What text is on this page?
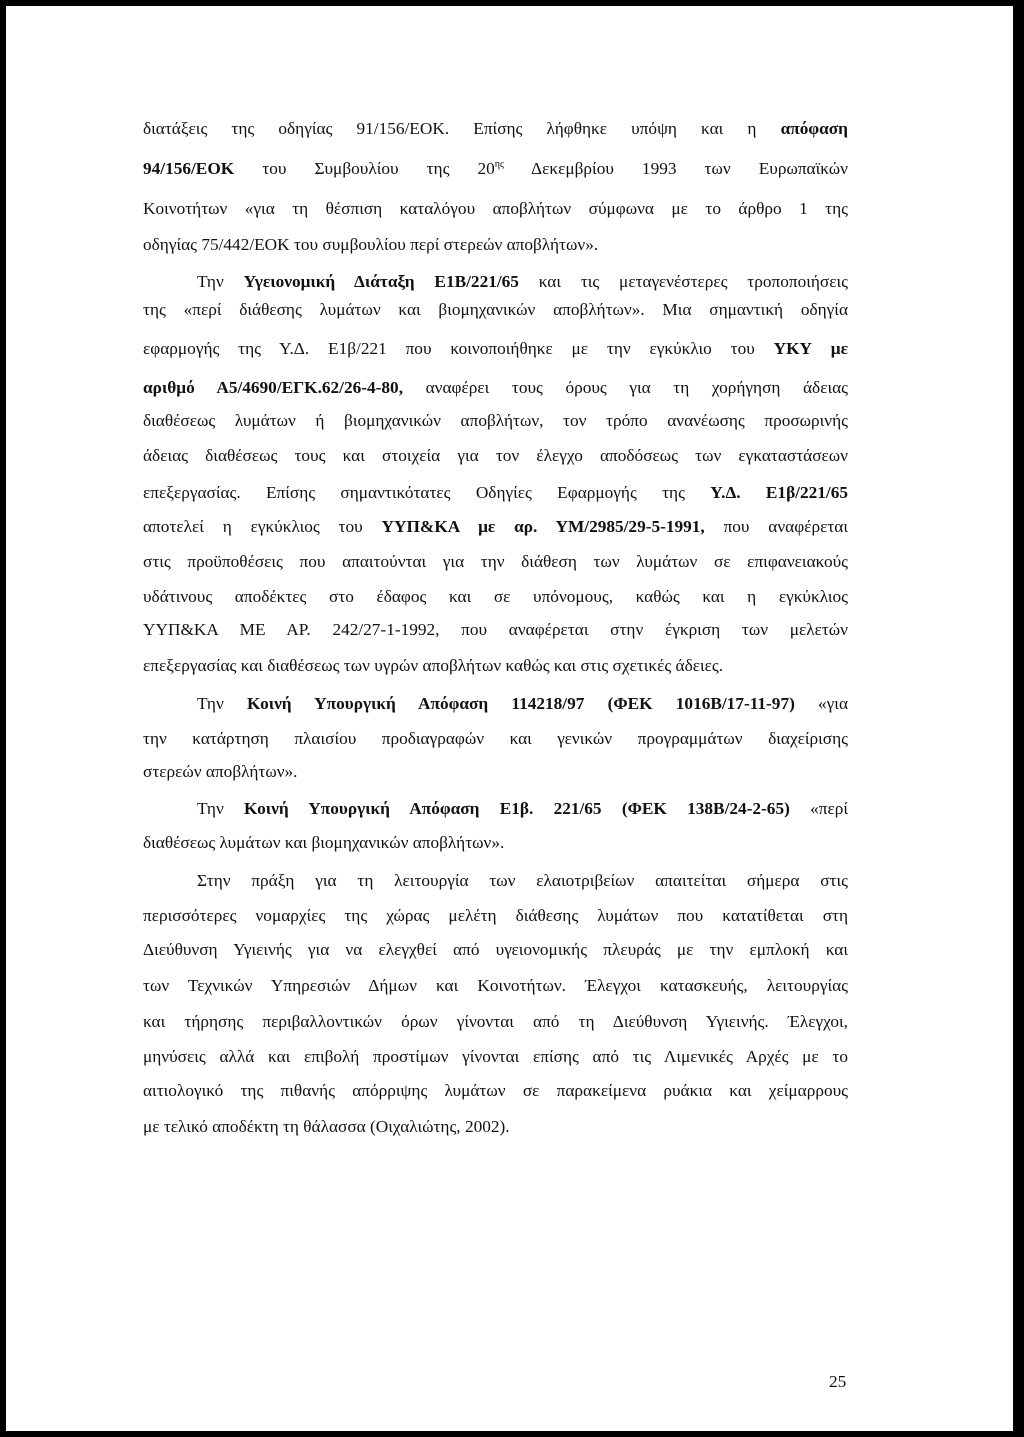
διατάξεις της οδηγίας 91/156/ΕΟΚ. Επίσης λήφθηκε υπόψη και η απόφαση
94/156/ΕΟΚ του Συμβουλίου της $20^{\eta\varsigma}$ Δεκεμβρίου 1993 των Ευρωπαϊκών
Κοινοτήτων «για τη θέσπιση καταλόγου αποβλήτων σύμφωνα με το άρθρο 1 της
οδηγίας 75/442/ΕΟΚ του συμβουλίου περί στερεών αποβλήτων».
Την Υγειονομική Διάταξη Ε1Β/221/65 και τις μεταγενέστερες τροποποιήσεις
της «περί διάθεσης λυμάτων και βιομηχανικών αποβλήτων». Μια σημαντική οδηγία
εφαρμογής της Υ.Δ. Ε1β/221 που κοινοποιήθηκε με την εγκύκλιο του ΥΚΥ με
αριθμό Α5/4690/ΕΓΚ.62/26-4-80, αναφέρει τους όρους για τη χορήγηση άδειας
διαθέσεως λυμάτων ή βιομηχανικών αποβλήτων, τον τρόπο ανανέωσης προσωρινής
άδειας διαθέσεως τους και στοιχεία για τον έλεγχο αποδόσεως των εγκαταστάσεων
επεξεργασίας. Επίσης σημαντικότατες Οδηγίες Εφαρμογής της Υ.Δ. Ε1β/221/65
αποτελεί η εγκύκλιος του ΥΥΠ&ΚΑ με αρ. ΥΜ/2985/29-5-1991, που αναφέρεται
στις προϋποθέσεις που απαιτούνται για την διάθεση των λυμάτων σε επιφανειακούς
υδάτινους αποδέκτες στο έδαφος και σε υπόνομους, καθώς και η εγκύκλιος
ΥΥΠ&ΚΑ ΜΕ ΑΡ. 242/27-1-1992, που αναφέρεται στην έγκριση των μελετών
επεξεργασίας και διαθέσεως των υγρών αποβλήτων καθώς και στις σχετικές άδειες.
Την Κοινή Υπουργική Απόφαση 114218/97 (ΦΕΚ 1016Β/17-11-97) «για
την κατάρτηση πλαισίου προδιαγραφών και γενικών προγραμμάτων διαχείρισης
στερεών αποβλήτων».
Την Κοινή Υπουργική Απόφαση Ε1β. 221/65 (ΦΕΚ 138Β/24-2-65) «περί
διαθέσεως λυμάτων και βιομηχανικών αποβλήτων».
Στην πράξη για τη λειτουργία των ελαιοτριβείων απαιτείται σήμερα στις
περισσότερες νομαρχίες της χώρας μελέτη διάθεσης λυμάτων που κατατίθεται στη
Διεύθυνση Υγιεινής για να ελεγχθεί από υγειονομικής πλευράς με την εμπλοκή και
των Τεχνικών Υπηρεσιών Δήμων και Κοινοτήτων. Έλεγχοι κατασκευής, λειτουργίας
και τήρησης περιβαλλοντικών όρων γίνονται από τη Διεύθυνση Υγιεινής. Έλεγχοι,
μηνύσεις αλλά και επιβολή προστίμων γίνονται επίσης από τις Λιμενικές Αρχές με το
αιτιολογικό της πιθανής απόρριψης λυμάτων σε παρακείμενα ρυάκια και χείμαρρους
με τελικό αποδέκτη τη θάλασσα (Οιχαλιώτης, 2002).
25
